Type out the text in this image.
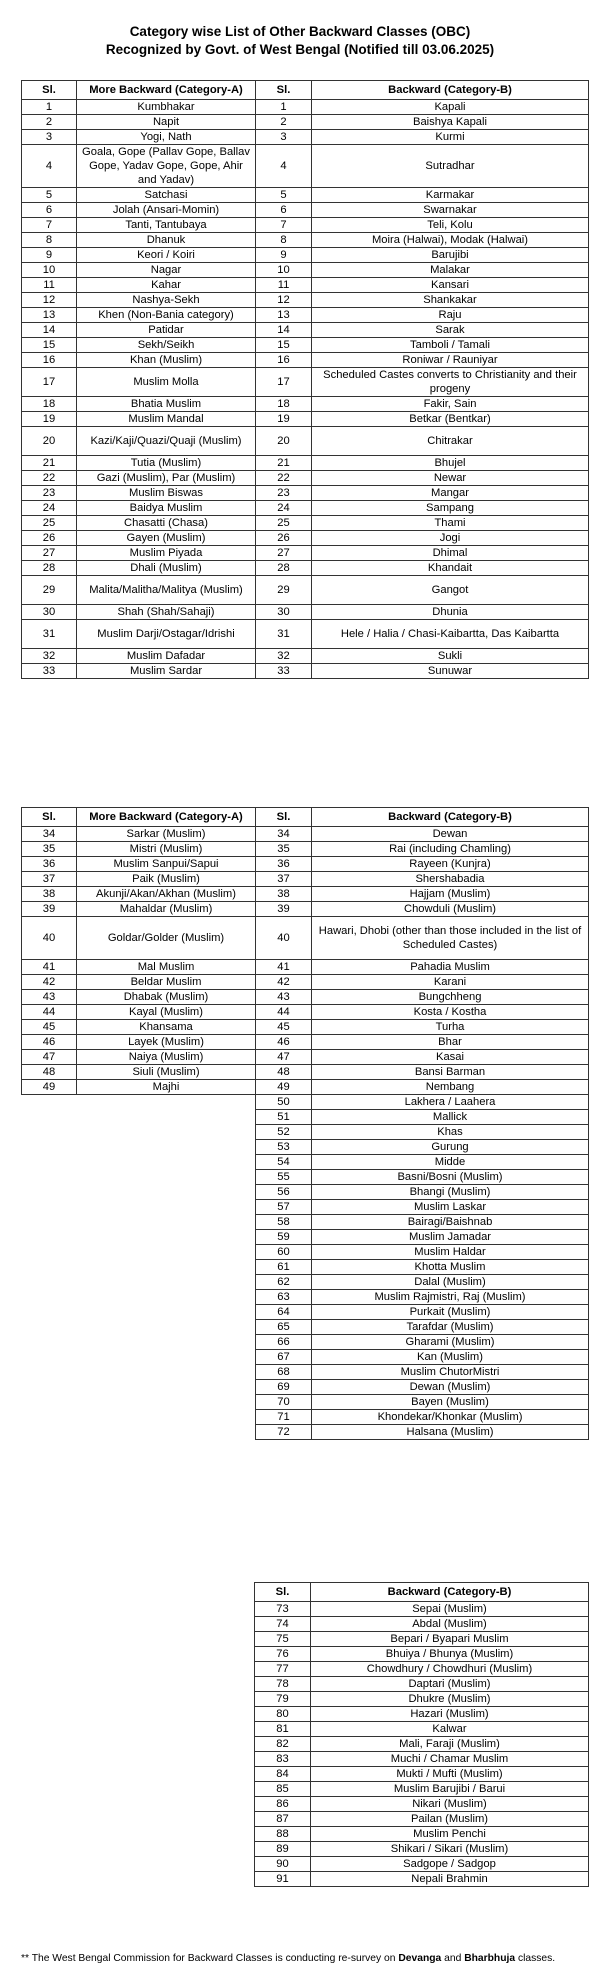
Category wise List of Other Backward Classes (OBC)
Recognized by Govt. of West Bengal (Notified till 03.06.2025)
Sl.	More Backward (Category-A)	Sl.	Backward (Category-B)
1	Kumbhakar	1	Kapali
2	Napit	2	Baishya Kapali
3	Yogi, Nath	3	Kurmi
4	Goala, Gope (Pallav Gope, Ballav Gope, Yadav Gope, Gope, Ahir and Yadav)	4	Sutradhar
5	Satchasi	5	Karmakar
6	Jolah (Ansari-Momin)	6	Swarnakar
7	Tanti, Tantubaya	7	Teli, Kolu
8	Dhanuk	8	Moira (Halwai), Modak (Halwai)
9	Keori / Koiri	9	Barujibi
10	Nagar	10	Malakar
11	Kahar	11	Kansari
12	Nashya-Sekh	12	Shankakar
13	Khen (Non-Bania category)	13	Raju
14	Patidar	14	Sarak
15	Sekh/Seikh	15	Tamboli / Tamali
16	Khan (Muslim)	16	Roniwar / Rauniyar
17	Muslim Molla	17	Scheduled Castes converts to Christianity and their progeny
18	Bhatia Muslim	18	Fakir, Sain
19	Muslim Mandal	19	Betkar (Bentkar)
20	Kazi/Kaji/Quazi/Quaji (Muslim)	20	Chitrakar
21	Tutia (Muslim)	21	Bhujel
22	Gazi (Muslim), Par (Muslim)	22	Newar
23	Muslim Biswas	23	Mangar
24	Baidya Muslim	24	Sampang
25	Chasatti (Chasa)	25	Thami
26	Gayen (Muslim)	26	Jogi
27	Muslim Piyada	27	Dhimal
28	Dhali (Muslim)	28	Khandait
29	Malita/Malitha/Malitya (Muslim)	29	Gangot
30	Shah (Shah/Sahaji)	30	Dhunia
31	Muslim Darji/Ostagar/Idrishi	31	Hele / Halia / Chasi-Kaibartta, Das Kaibartta
32	Muslim Dafadar	32	Sukli
33	Muslim Sardar	33	Sunuwar
Sl.	More Backward (Category-A)	Sl.	Backward (Category-B)
34	Sarkar (Muslim)	34	Dewan
35	Mistri (Muslim)	35	Rai (including Chamling)
36	Muslim Sanpui/Sapui	36	Rayeen (Kunjra)
37	Paik (Muslim)	37	Shershabadia
38	Akunji/Akan/Akhan (Muslim)	38	Hajjam (Muslim)
39	Mahaldar (Muslim)	39	Chowduli (Muslim)
40	Goldar/Golder (Muslim)	40	Hawari, Dhobi (other than those included in the list of Scheduled Castes)
41	Mal Muslim	41	Pahadia Muslim
42	Beldar Muslim	42	Karani
43	Dhabak (Muslim)	43	Bungchheng
44	Kayal (Muslim)	44	Kosta / Kostha
45	Khansama	45	Turha
46	Layek (Muslim)	46	Bhar
47	Naiya (Muslim)	47	Kasai
48	Siuli (Muslim)	48	Bansi Barman
49	Majhi	49	Nembang
		50	Lakhera / Laahera
		51	Mallick
		52	Khas
		53	Gurung
		54	Midde
		55	Basni/Bosni (Muslim)
		56	Bhangi (Muslim)
		57	Muslim Laskar
		58	Bairagi/Baishnab
		59	Muslim Jamadar
		60	Muslim Haldar
		61	Khotta Muslim
		62	Dalal (Muslim)
		63	Muslim Rajmistri, Raj (Muslim)
		64	Purkait (Muslim)
		65	Tarafdar (Muslim)
		66	Gharami (Muslim)
		67	Kan (Muslim)
		68	Muslim ChutorMistri
		69	Dewan (Muslim)
		70	Bayen (Muslim)
		71	Khondekar/Khonkar (Muslim)
		72	Halsana (Muslim)
Sl.	Backward (Category-B)
73	Sepai (Muslim)
74	Abdal (Muslim)
75	Bepari / Byapari Muslim
76	Bhuiya / Bhunya (Muslim)
77	Chowdhury / Chowdhuri (Muslim)
78	Daptari (Muslim)
79	Dhukre (Muslim)
80	Hazari (Muslim)
81	Kalwar
82	Mali, Faraji (Muslim)
83	Muchi / Chamar Muslim
84	Mukti / Mufti (Muslim)
85	Muslim Barujibi / Barui
86	Nikari (Muslim)
87	Pailan (Muslim)
88	Muslim Penchi
89	Shikari / Sikari (Muslim)
90	Sadgope / Sadgop
91	Nepali Brahmin
** The West Bengal Commission for Backward Classes is conducting re-survey on Devanga and Bharbhuja classes.
